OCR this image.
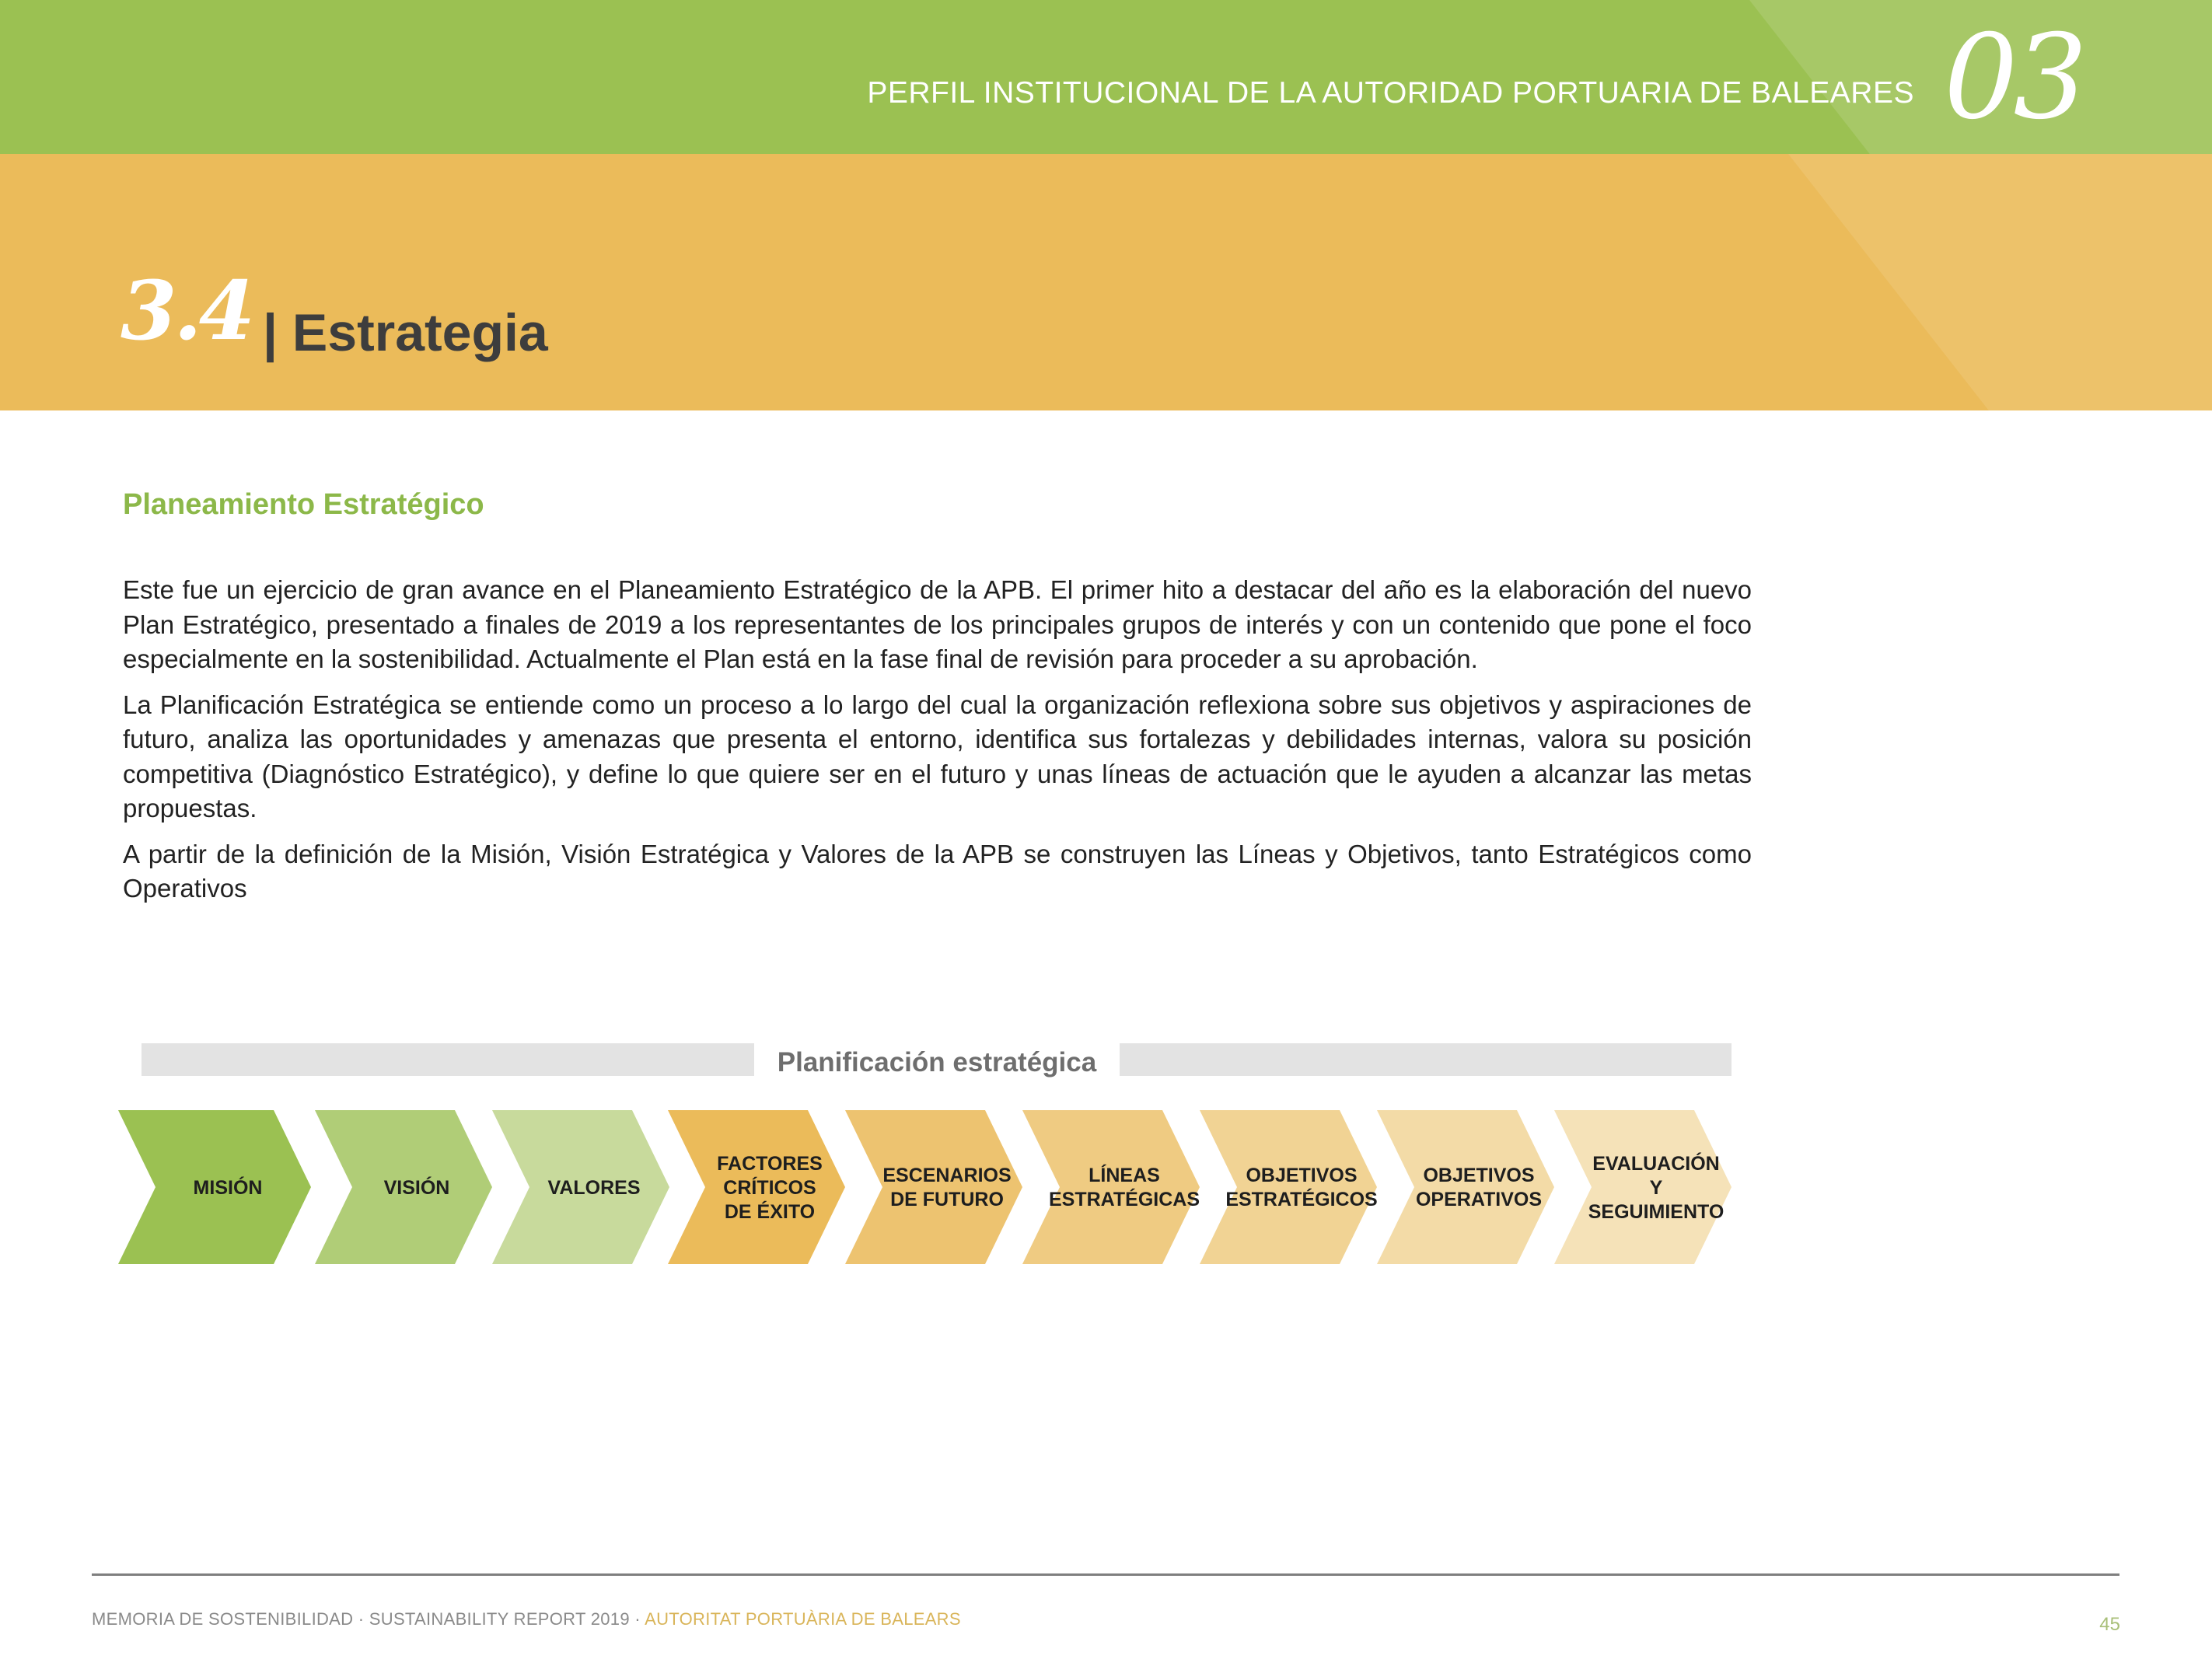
PERFIL INSTITUCIONAL DE LA AUTORIDAD PORTUARIA DE BALEARES 03
3.4 | Estrategia
Planeamiento Estratégico

Este fue un ejercicio de gran avance en el Planeamiento Estratégico de la APB. El primer hito a destacar del año es la elaboración del nuevo Plan Estratégico, presentado a finales de 2019 a los representantes de los principales grupos de interés y con un contenido que pone el foco especialmente en la sostenibilidad. Actualmente el Plan está en la fase final de revisión para proceder a su aprobación.

La Planificación Estratégica se entiende como un proceso a lo largo del cual la organización reflexiona sobre sus objetivos y aspiraciones de futuro, analiza las oportunidades y amenazas que presenta el entorno, identifica sus fortalezas y debilidades internas, valora su posición competitiva (Diagnóstico Estratégico), y define lo que quiere ser en el futuro y unas líneas de actuación que le ayuden a alcanzar las metas propuestas.

A partir de la definición de la Misión, Visión Estratégica y Valores de la APB se construyen las Líneas y Objetivos, tanto Estratégicos como Operativos

Planificación estratégica
MISIÓN	VISIÓN	VALORES
FACTORES
CRÍTICOS
DE ÉXITO
ESCENARIOS
DE FUTURO
LÍNEAS
ESTRATÉGICAS
OBJETIVOS
ESTRATÉGICOS
OBJETIVOS
OPERATIVOS
EVALUACIÓN
Y
SEGUIMIENTO
MEMORIA DE SOSTENIBILIDAD · SUSTAINABILITY REPORT 2019 · AUTORITAT PORTUÀRIA DE BALEARS	45
